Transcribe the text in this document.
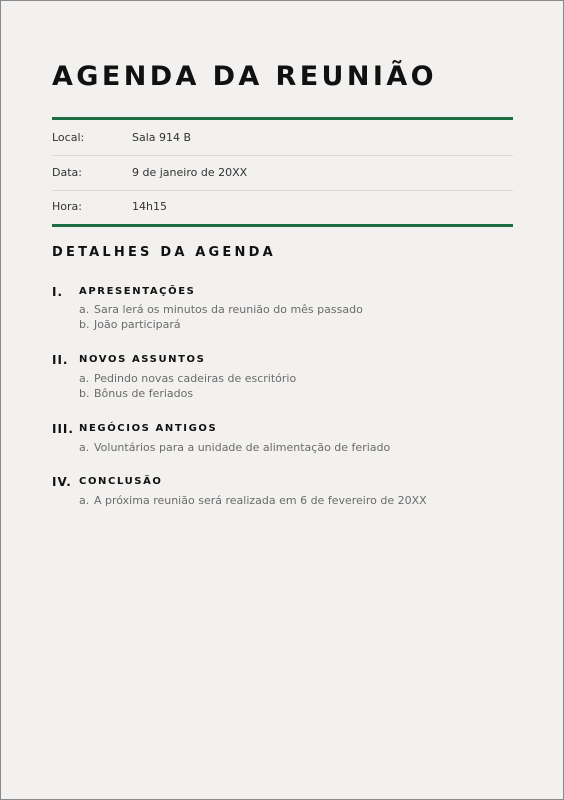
AGENDA DA REUNIÃO
Local:	Sala 914 B
Data:	9 de janeiro de 20XX
Hora:	14h15
DETALHES DA AGENDA
I. APRESENTAÇÕES
a. Sara lerá os minutos da reunião do mês passado
b. João participará
II. NOVOS ASSUNTOS
a. Pedindo novas cadeiras de escritório
b. Bônus de feriados
III. NEGÓCIOS ANTIGOS
a. Voluntários para a unidade de alimentação de feriado
IV. CONCLUSÃO
a. A próxima reunião será realizada em 6 de fevereiro de 20XX
